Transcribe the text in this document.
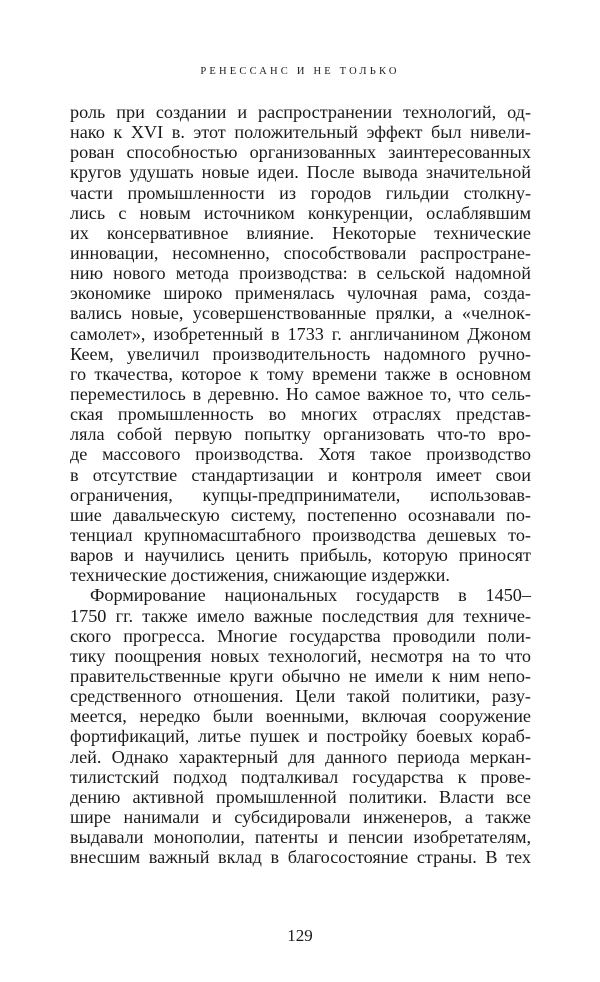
РЕНЕССАНС И НЕ ТОЛЬКО
роль при создании и распространении технологий, од-
нако к XVI в. этот положительный эффект был нивели-
рован способностью организованных заинтересованных
кругов удушать новые идеи. После вывода значительной
части промышленности из городов гильдии столкну-
лись с новым источником конкуренции, ослаблявшим
их консервативное влияние. Некоторые технические
инновации, несомненно, способствовали распростране-
нию нового метода производства: в сельской надомной
экономике широко применялась чулочная рама, созда-
вались новые, усовершенствованные прялки, а «челнок-
самолет», изобретенный в 1733 г. англичанином Джоном
Кеем, увеличил производительность надомного ручно-
го ткачества, которое к тому времени также в основном
переместилось в деревню. Но самое важное то, что сель-
ская промышленность во многих отраслях представ-
ляла собой первую попытку организовать что-то вро-
де массового производства. Хотя такое производство
в отсутствие стандартизации и контроля имеет свои
ограничения, купцы-предприниматели, использовав-
шие давальческую систему, постепенно осознавали по-
тенциал крупномасштабного производства дешевых то-
варов и научились ценить прибыль, которую приносят
технические достижения, снижающие издержки.
Формирование национальных государств в 1450–
1750 гг. также имело важные последствия для техниче-
ского прогресса. Многие государства проводили поли-
тику поощрения новых технологий, несмотря на то что
правительственные круги обычно не имели к ним непо-
средственного отношения. Цели такой политики, разу-
меется, нередко были военными, включая сооружение
фортификаций, литье пушек и постройку боевых кораб-
лей. Однако характерный для данного периода меркан-
тилистский подход подталкивал государства к прове-
дению активной промышленной политики. Власти все
шире нанимали и субсидировали инженеров, а также
выдавали монополии, патенты и пенсии изобретателям,
внесшим важный вклад в благосостояние страны. В тех
129
